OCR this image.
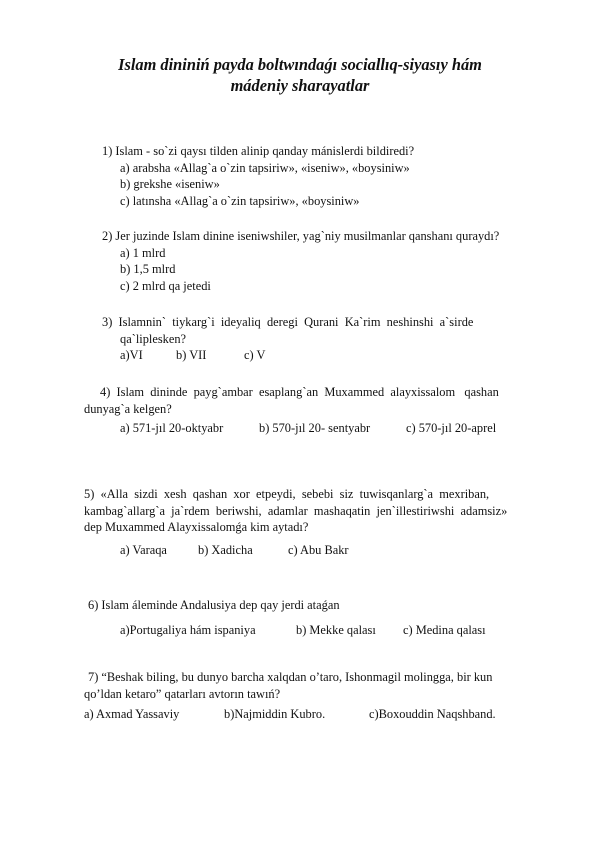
Islam dininiń payda boltwındaǵı sociallıq-siyasıy hám
mádeniy sharayatlar
1) Islam - so`zi qaysı tilden alinip qanday mánislerdi bildiredi?
a) arabsha «Allag`a o`zin tapsiriw», «iseniw», «boysiniw»
b) grekshe «iseniw»
c) latınsha «Allag`a o`zin tapsiriw», «boysiniw»
2) Jer juzinde Islam dinine iseniwshiler, yag`niy musilmanlar qanshanı quraydı?
a) 1 mlrd
b) 1,5 mlrd
c) 2 mlrd qa jetedi
3)  Islamnin`  tiykarg`i  ideyaliq  deregi  Qurani  Ka`rim  neshinshi  a`sirde
qa`liplesken?
a)VI	b) VII	c) V
4)  Islam  dininde  payg`ambar  esaplang`an  Muxammed  alayxissalom   qashan
dunyag`a kelgen?
a) 571-jıl 20-oktyabr	b) 570-jıl 20- sentyabr	c) 570-jıl 20-aprel
5)  «Alla  sizdi  xesh  qashan  xor  etpeydi,  sebebi  siz  tuwisqanlarg`a  mexriban,
kambag`allarg`a  ja`rdem  beriwshi,  adamlar  mashaqatin  jen`illestiriwshi  adamsiz»
dep Muxammed Alayxissalomǵa kim aytadı?
a) Varaqa	b) Xadicha	c) Abu Bakr
6) Islam áleminde Andalusiya dep qay jerdi ataǵan
a)Portugaliya hám ispaniya	b) Mekke qalası c) Medina qalası
7) “Beshak biling, bu dunyo barcha xalqdan o’taro, Ishonmagil molingga, bir kun
qo’ldan ketaro” qatarları avtorın tawıń?
a) Axmad Yassaviy	b)Najmiddin Kubro.	c)Boxouddin Naqshband.
